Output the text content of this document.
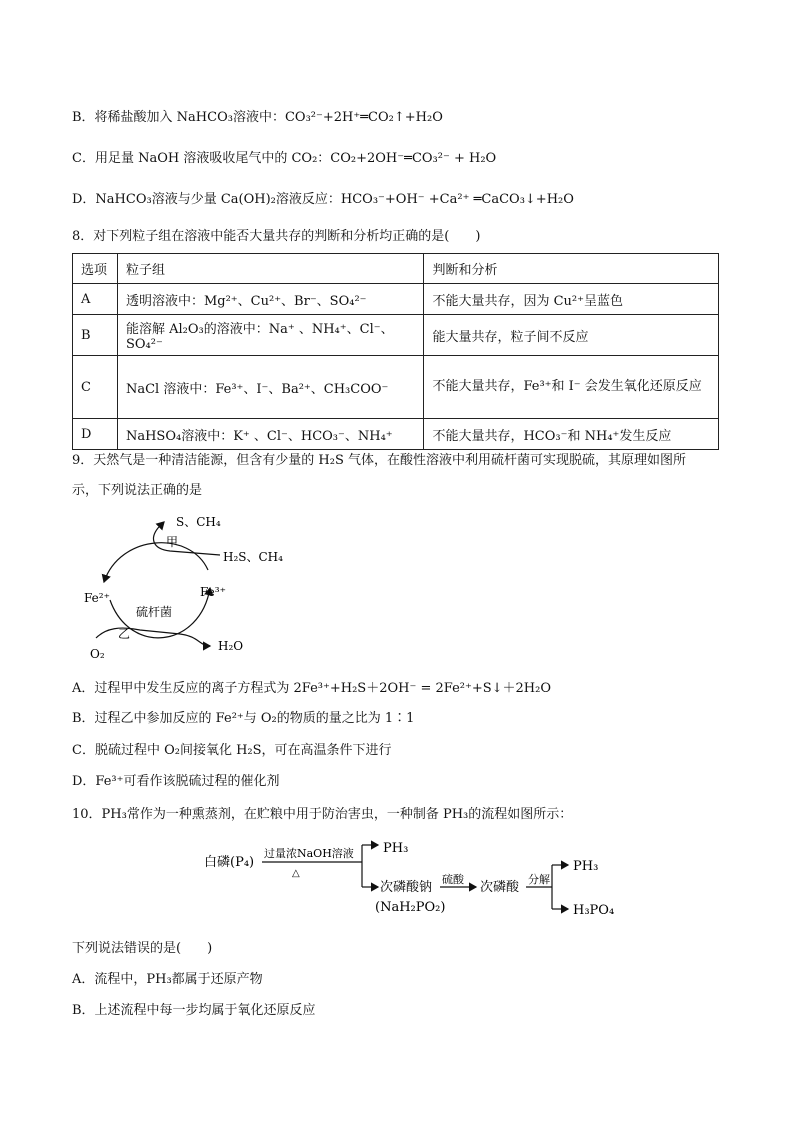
B．将稀盐酸加入 NaHCO₃溶液中：CO₃²⁻+2H⁺═CO₂↑+H₂O
C．用足量 NaOH 溶液吸收尾气中的 CO₂：CO₂+2OH⁻═CO₃²⁻ + H₂O
D．NaHCO₃溶液与少量 Ca(OH)₂溶液反应：HCO₃⁻+OH⁻ +Ca²⁺ ═CaCO₃↓+H₂O
8．对下列粒子组在溶液中能否大量共存的判断和分析均正确的是(　　)
选项	粒子组	判断和分析
A	透明溶液中：Mg²⁺、Cu²⁺、Br⁻、SO₄²⁻	不能大量共存，因为 Cu²⁺呈蓝色
B	能溶解 Al₂O₃的溶液中：Na⁺ 、NH₄⁺、Cl⁻、SO₄²⁻	能大量共存，粒子间不反应
C	NaCl 溶液中：Fe³⁺、I⁻、Ba²⁺、CH₃COO⁻	不能大量共存，Fe³⁺和 I⁻ 会发生氧化还原反应
D	NaHSO₄溶液中：K⁺ 、Cl⁻、HCO₃⁻、NH₄⁺	不能大量共存，HCO₃⁻和 NH₄⁺发生反应
9．天然气是一种清洁能源，但含有少量的 H₂S 气体，在酸性溶液中利用硫杆菌可实现脱硫，其原理如图所
示，下列说法正确的是
S、CH₄
甲
H₂S、CH₄
Fe²⁺	Fe³⁺
硫杆菌
乙
O₂
H₂O
A．过程甲中发生反应的离子方程式为 2Fe³⁺+H₂S＋2OH⁻ = 2Fe²⁺+S↓＋2H₂O
B．过程乙中参加反应的 Fe²⁺与 O₂的物质的量之比为 1∶1
C．脱硫过程中 O₂间接氧化 H₂S，可在高温条件下进行
D．Fe³⁺可看作该脱硫过程的催化剂
10．PH₃常作为一种熏蒸剂，在贮粮中用于防治害虫，一种制备 PH₃的流程如图所示：
白磷(P₄)
过量浓NaOH溶液
△
PH₃
次磷酸钠
(NaH₂PO₂)
硫酸
次磷酸
分解
PH₃
H₃PO₄
下列说法错误的是(　　)
A．流程中，PH₃都属于还原产物
B．上述流程中每一步均属于氧化还原反应
